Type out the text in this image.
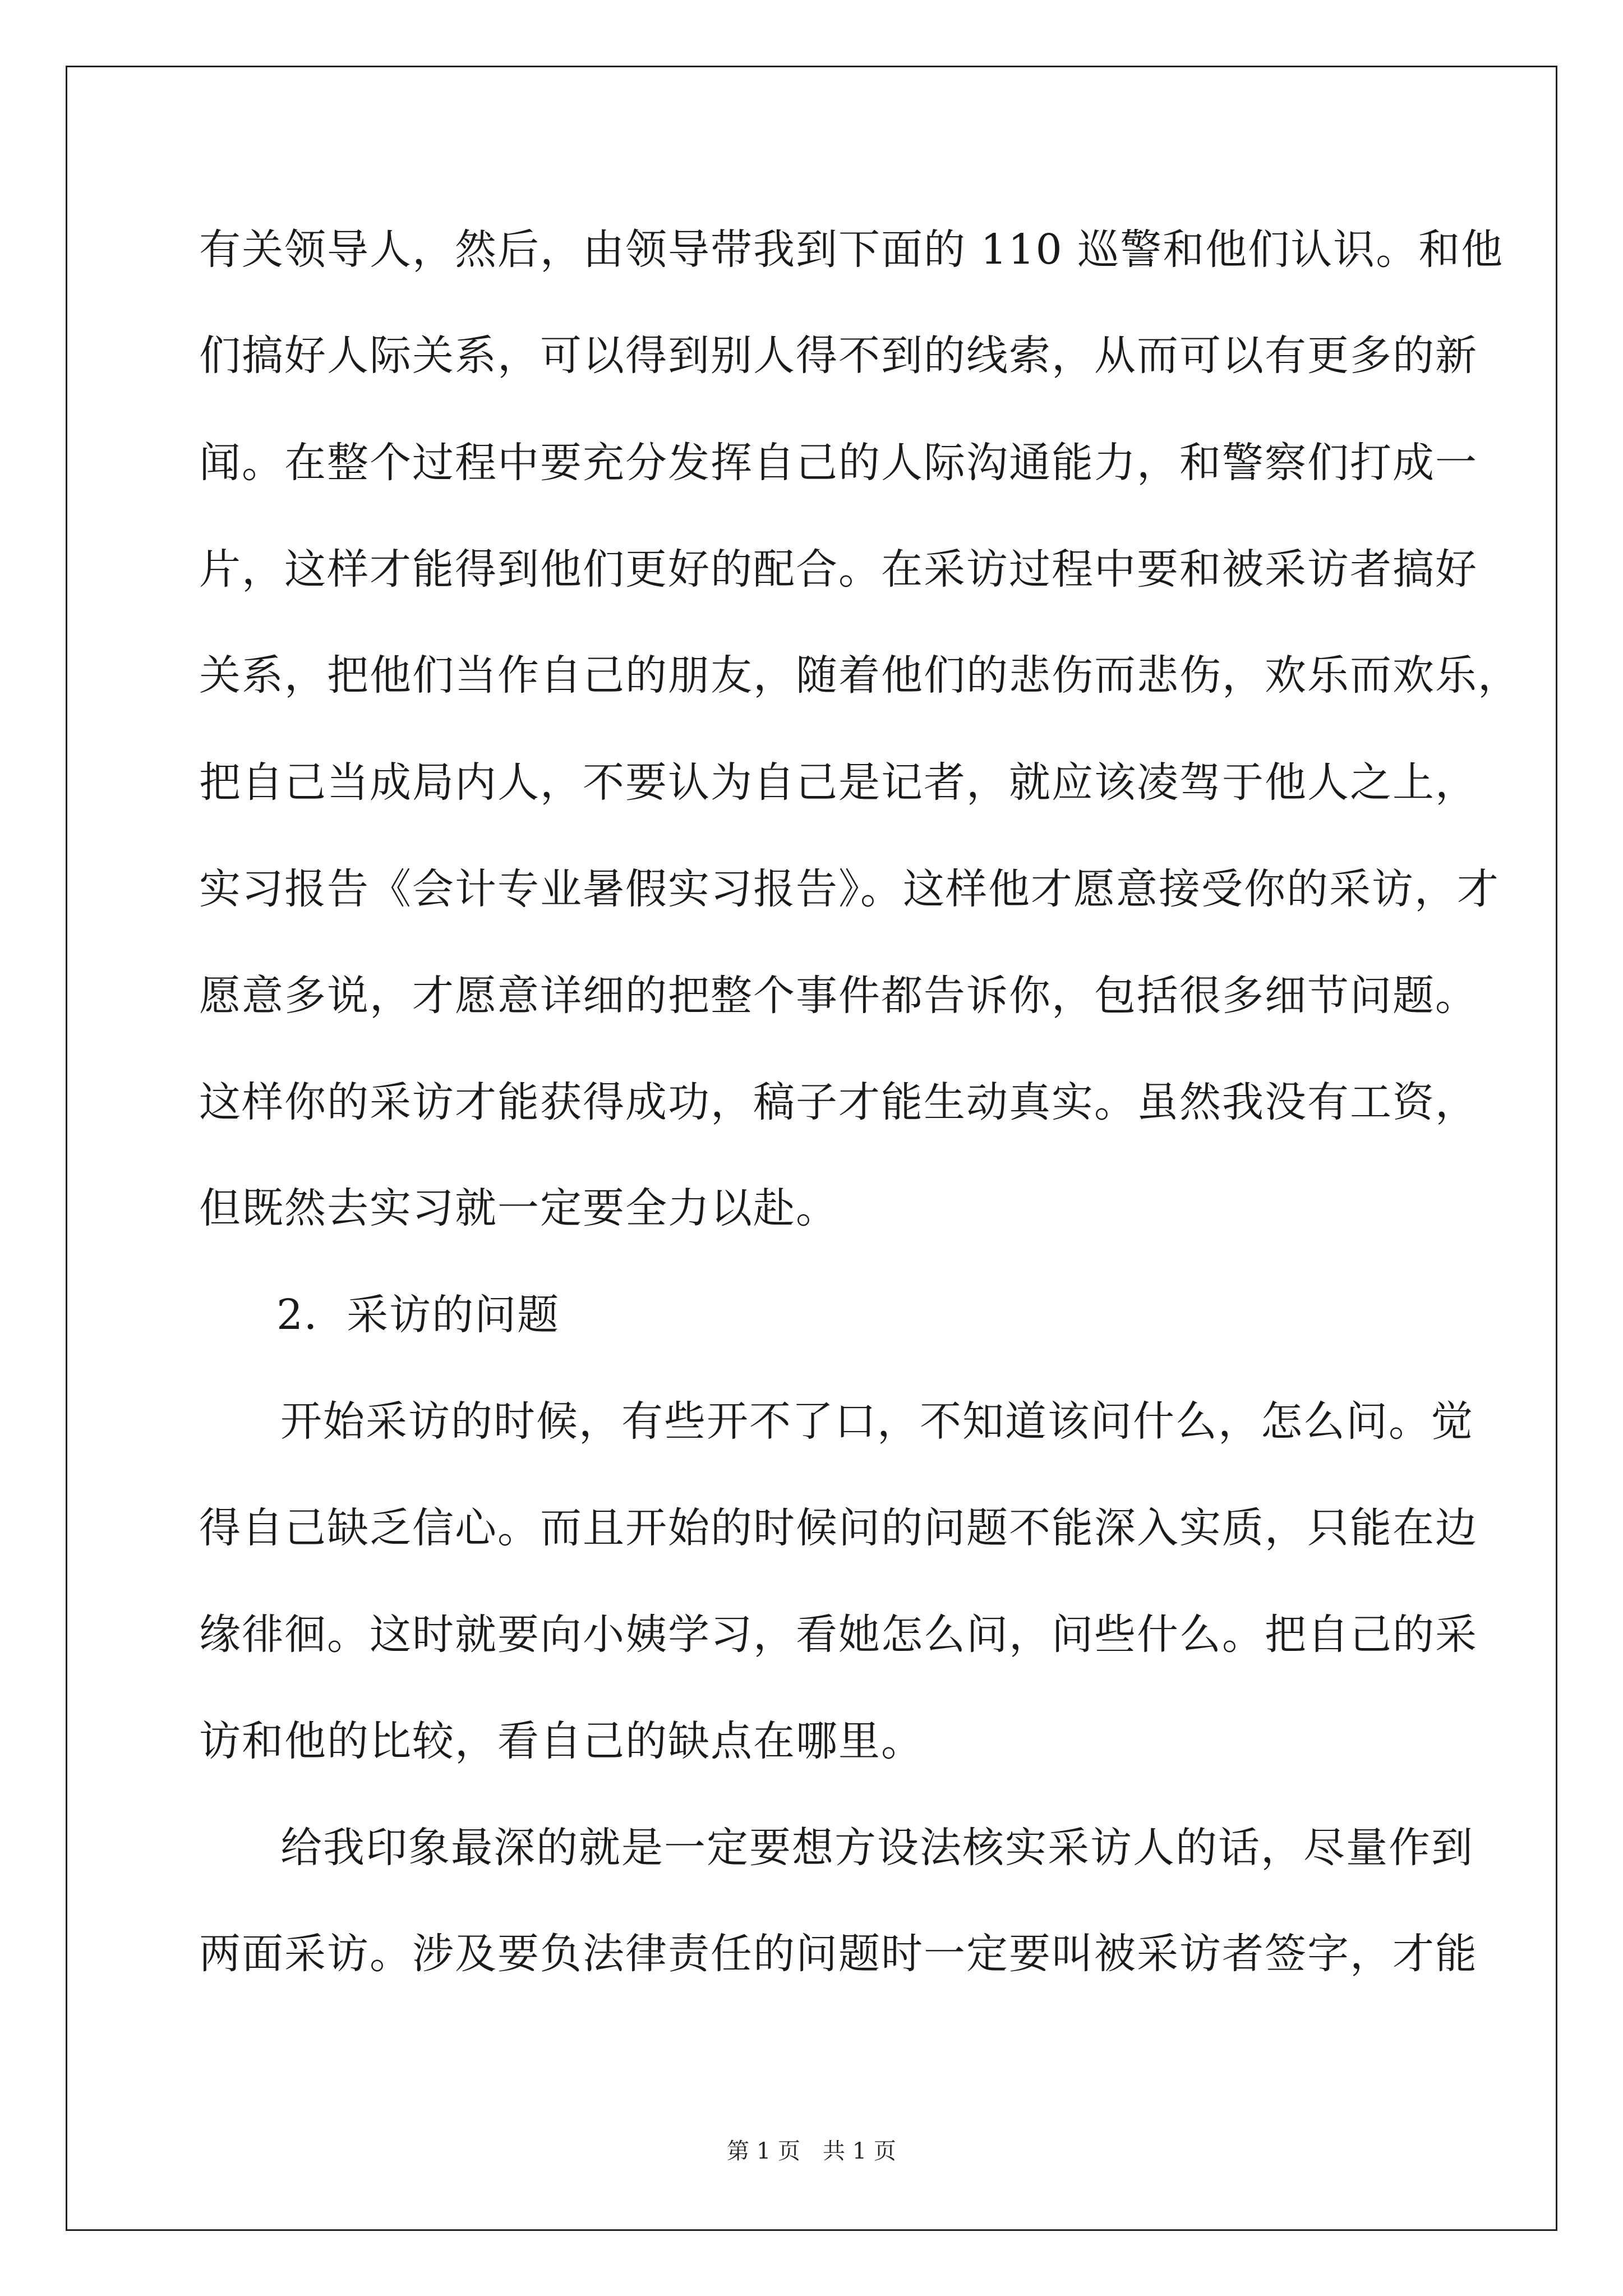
有关领导人，然后，由领导带我到下面的 110 巡警和他们认识。和他
们搞好人际关系，可以得到别人得不到的线索，从而可以有更多的新
闻。在整个过程中要充分发挥自己的人际沟通能力，和警察们打成一
片，这样才能得到他们更好的配合。在采访过程中要和被采访者搞好
关系，把他们当作自己的朋友，随着他们的悲伤而悲伤，欢乐而欢乐，
把自己当成局内人，不要认为自己是记者，就应该凌驾于他人之上，
实习报告《会计专业暑假实习报告》。这样他才愿意接受你的采访，才
愿意多说，才愿意详细的把整个事件都告诉你，包括很多细节问题。
这样你的采访才能获得成功，稿子才能生动真实。虽然我没有工资，
但既然去实习就一定要全力以赴。
2．采访的问题
开始采访的时候，有些开不了口，不知道该问什么，怎么问。觉
得自己缺乏信心。而且开始的时候问的问题不能深入实质，只能在边
缘徘徊。这时就要向小姨学习，看她怎么问，问些什么。把自己的采
访和他的比较，看自己的缺点在哪里。
给我印象最深的就是一定要想方设法核实采访人的话，尽量作到
两面采访。涉及要负法律责任的问题时一定要叫被采访者签字，才能
第 1 页　共 1 页
